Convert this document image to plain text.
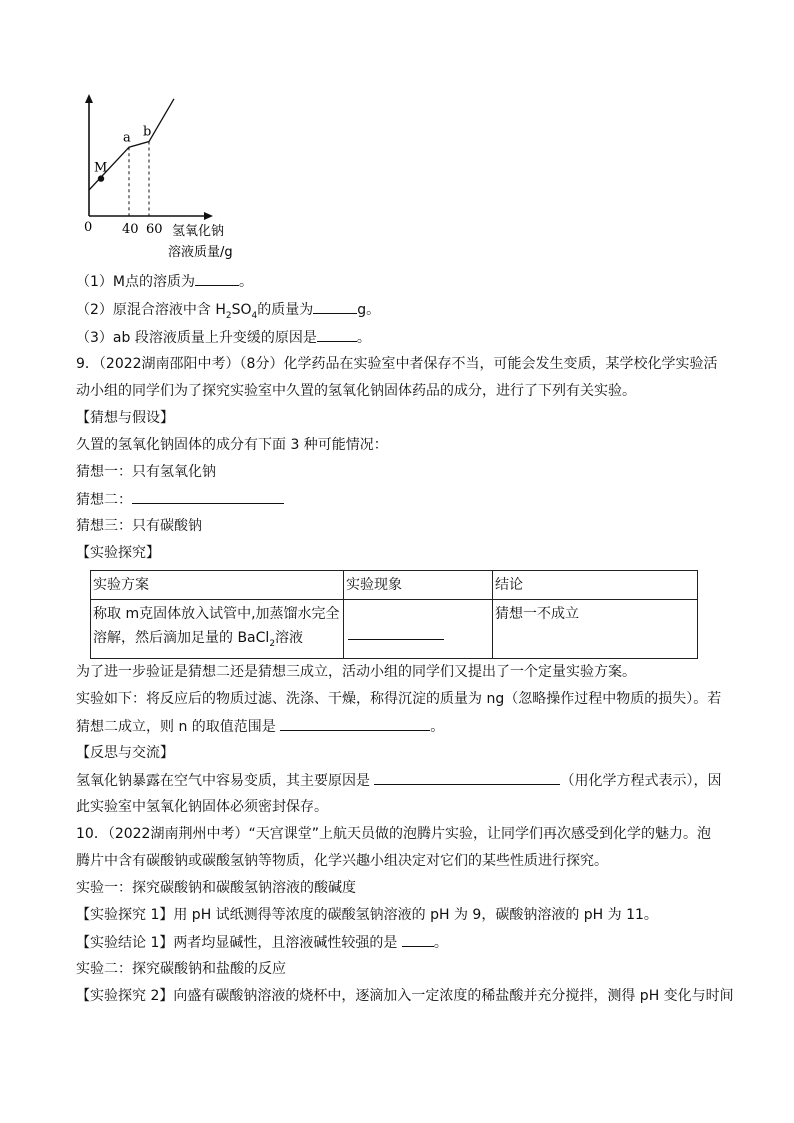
M
a b
0 40 60 氢氧化钠
溶液质量/g
（1）M点的溶质为	。
（2）原混合溶液中含 $H_2SO_4$的质量为	g。
（3）ab 段溶液质量上升变缓的原因是	。
9．（2022湖南邵阳中考）（8分）化学药品在实验室中者保存不当，可能会发生变质，某学校化学实验活
动小组的同学们为了探究实验室中久置的氢氧化钠固体药品的成分，进行了下列有关实验。
【猜想与假设】
久置的氢氧化钠固体的成分有下面 3 种可能情况：
猜想一：只有氢氧化钠
猜想二：
猜想三：只有碳酸钠
【实验探究】
实验方案	实验现象	结论

称取 m克固体放入试管中,加蒸馏水完全
溶解，然后滴加足量的 BaCl$_2$溶液		猜想一不成立
为了进一步验证是猜想二还是猜想三成立，活动小组的同学们又提出了一个定量实验方案。
实验如下：将反应后的物质过滤、洗涤、干燥，称得沉淀的质量为 ng（忽略操作过程中物质的损失）。若
猜想二成立，则 n 的取值范围是	。
【反思与交流】
氢氧化钠暴露在空气中容易变质，其主要原因是	（用化学方程式表示），因
此实验室中氢氧化钠固体必须密封保存。
10．（2022湖南荆州中考）“天宫课堂”上航天员做的泡腾片实验，让同学们再次感受到化学的魅力。泡
腾片中含有碳酸钠或碳酸氢钠等物质，化学兴趣小组决定对它们的某些性质进行探究。
实验一：探究碳酸钠和碳酸氢钠溶液的酸碱度
【实验探究 1】用 pH 试纸测得等浓度的碳酸氢钠溶液的 pH 为 9，碳酸钠溶液的 pH 为 11。
【实验结论 1】两者均显碱性，且溶液碱性较强的是	。
实验二：探究碳酸钠和盐酸的反应
【实验探究 2】向盛有碳酸钠溶液的烧杯中，逐滴加入一定浓度的稀盐酸并充分搅拌，测得 pH 变化与时间
